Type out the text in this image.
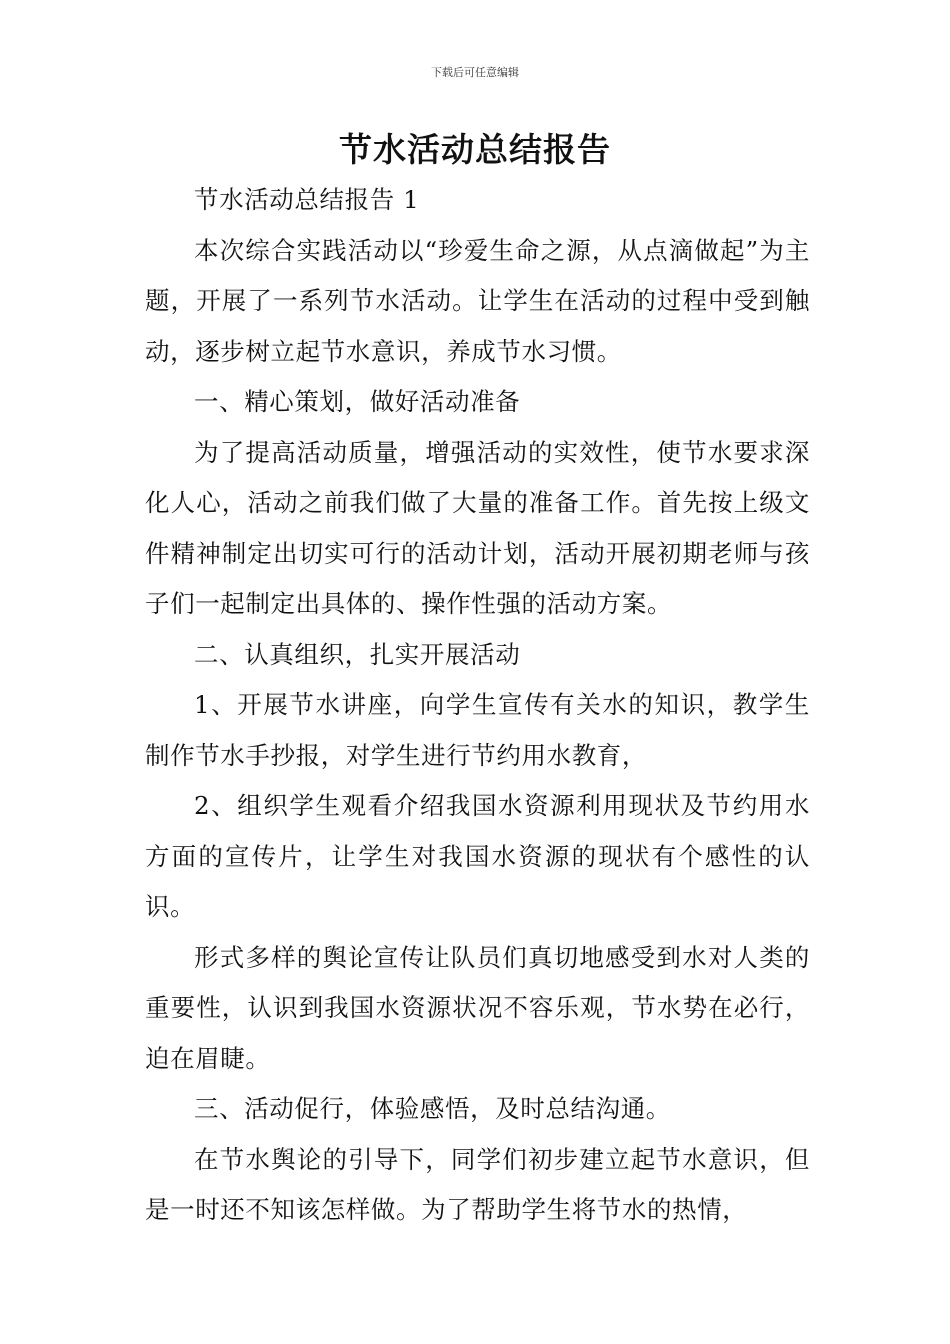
下载后可任意编辑
节水活动总结报告

节水活动总结报告 1

本次综合实践活动以“珍爱生命之源，从点滴做起”为主题，开展了一系列节水活动。让学生在活动的过程中受到触动，逐步树立起节水意识，养成节水习惯。

一、精心策划，做好活动准备

为了提高活动质量，增强活动的实效性，使节水要求深化人心，活动之前我们做了大量的准备工作。首先按上级文件精神制定出切实可行的活动计划，活动开展初期老师与孩子们一起制定出具体的、操作性强的活动方案。

二、认真组织，扎实开展活动

1、开展节水讲座，向学生宣传有关水的知识，教学生制作节水手抄报，对学生进行节约用水教育，

2、组织学生观看介绍我国水资源利用现状及节约用水方面的宣传片，让学生对我国水资源的现状有个感性的认识。

形式多样的舆论宣传让队员们真切地感受到水对人类的重要性，认识到我国水资源状况不容乐观，节水势在必行，迫在眉睫。

三、活动促行，体验感悟，及时总结沟通。

在节水舆论的引导下，同学们初步建立起节水意识，但是一时还不知该怎样做。为了帮助学生将节水的热情，
